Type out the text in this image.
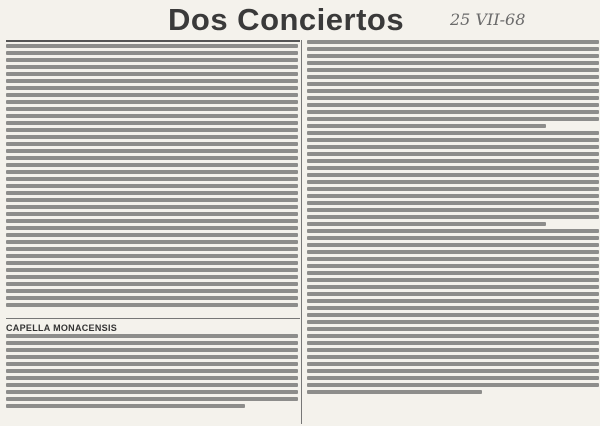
Dos Conciertos	25 VII-68
CAPELLA MONACENSIS
